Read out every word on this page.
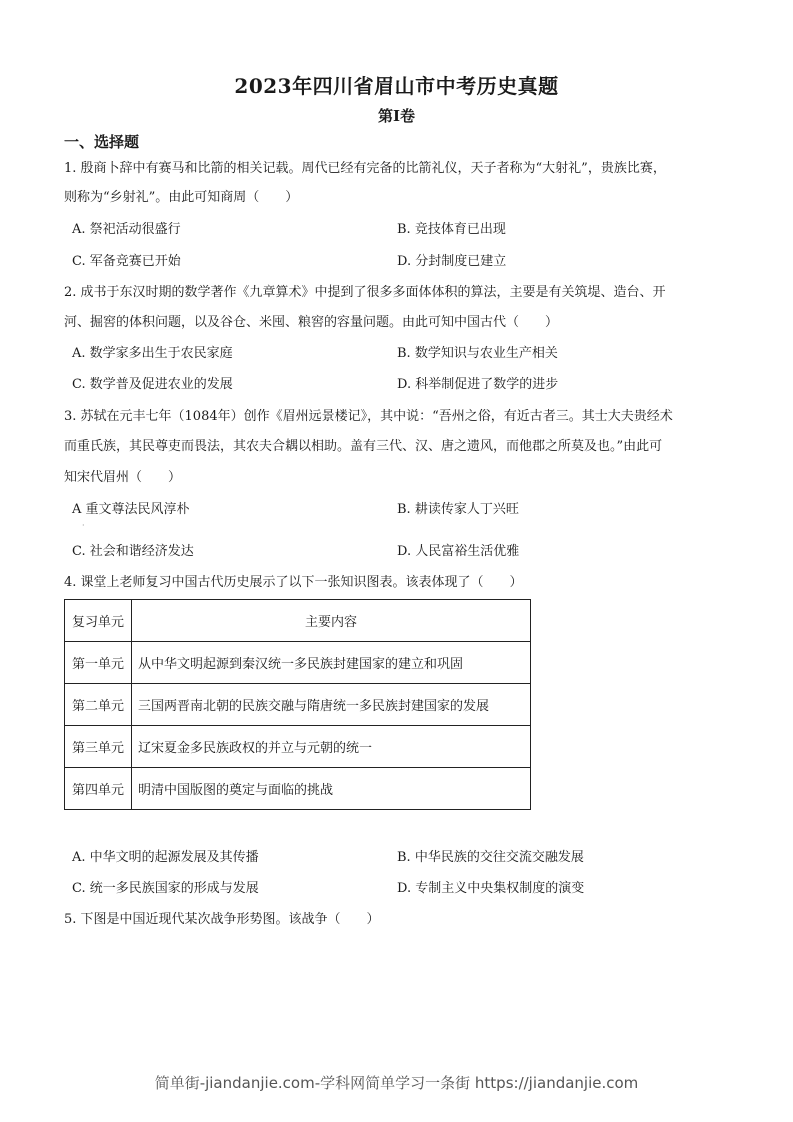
2023年四川省眉山市中考历史真题
第I卷
一、选择题
1. 殷商卜辞中有赛马和比箭的相关记载。周代已经有完备的比箭礼仪，天子者称为“大射礼”，贵族比赛，
则称为“乡射礼”。由此可知商周（　　）
A. 祭祀活动很盛行	B. 竞技体育已出现
C. 军备竞赛已开始	D. 分封制度已建立
2. 成书于东汉时期的数学著作《九章算术》中提到了很多多面体体积的算法，主要是有关筑堤、造台、开
河、掘窖的体积问题，以及谷仓、米囤、粮窖的容量问题。由此可知中国古代（　　）
A. 数学家多出生于农民家庭	B. 数学知识与农业生产相关
C. 数学普及促进农业的发展	D. 科举制促进了数学的进步
3. 苏轼在元丰七年（1084年）创作《眉州远景楼记》，其中说：“吾州之俗，有近古者三。其士大夫贵经术
而重氏族，其民尊吏而畏法，其农夫合耦以相助。盖有三代、汉、唐之遗风，而他郡之所莫及也。”由此可
知宋代眉州（　　）
A 重文尊法民风淳朴
·
B. 耕读传家人丁兴旺
C. 社会和谐经济发达	D. 人民富裕生活优雅
4. 课堂上老师复习中国古代历史展示了以下一张知识图表。该表体现了（　　）
复习单元	主要内容
第一单元	从中华文明起源到秦汉统一多民族封建国家的建立和巩固
第二单元	三国两晋南北朝的民族交融与隋唐统一多民族封建国家的发展
第三单元	辽宋夏金多民族政权的并立与元朝的统一
第四单元	明清中国版图的奠定与面临的挑战
A. 中华文明的起源发展及其传播	B. 中华民族的交往交流交融发展
C. 统一多民族国家的形成与发展	D. 专制主义中央集权制度的演变
5. 下图是中国近现代某次战争形势图。该战争（　　）
简单街-jiandanjie.com-学科网简单学习一条街 https://jiandanjie.com
